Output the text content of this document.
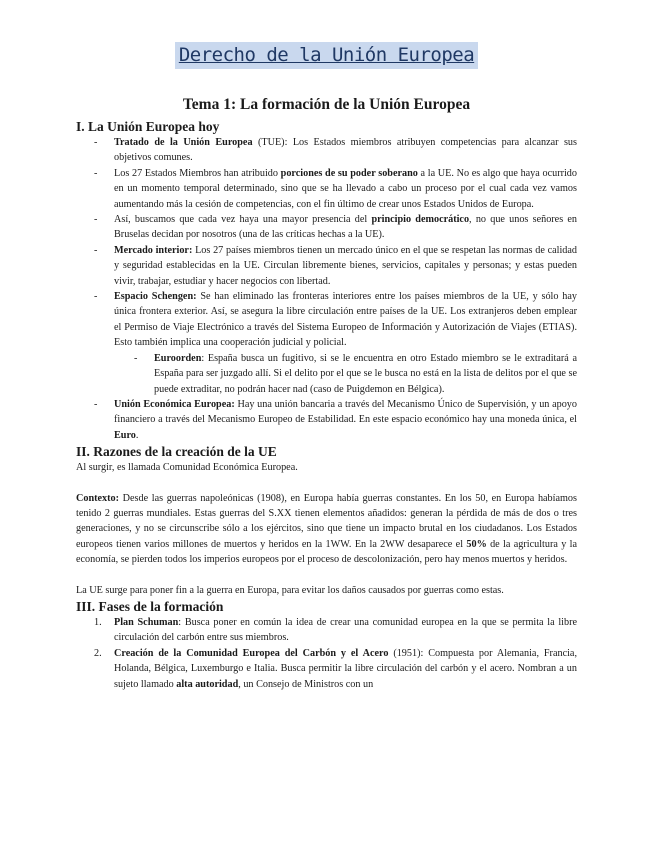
Derecho de la Unión Europea
Tema 1: La formación de la Unión Europea
I. La Unión Europea hoy
- Tratado de la Unión Europea (TUE): Los Estados miembros atribuyen competencias para alcanzar sus objetivos comunes.
- Los 27 Estados Miembros han atribuido porciones de su poder soberano a la UE. No es algo que haya ocurrido en un momento temporal determinado, sino que se ha llevado a cabo un proceso por el cual cada vez vamos aumentando más la cesión de competencias, con el fin último de crear unos Estados Unidos de Europa.
- Así, buscamos que cada vez haya una mayor presencia del principio democrático, no que unos señores en Bruselas decidan por nosotros (una de las críticas hechas a la UE).
- Mercado interior: Los 27 países miembros tienen un mercado único en el que se respetan las normas de calidad y seguridad establecidas en la UE. Circulan libremente bienes, servicios, capitales y personas; y estas pueden vivir, trabajar, estudiar y hacer negocios con libertad.
- Espacio Schengen: Se han eliminado las fronteras interiores entre los países miembros de la UE, y sólo hay única frontera exterior. Así, se asegura la libre circulación entre países de la UE. Los extranjeros deben emplear el Permiso de Viaje Electrónico a través del Sistema Europeo de Información y Autorización de Viajes (ETIAS). Esto también implica una cooperación judicial y policial.
- Euroorden: España busca un fugitivo, si se le encuentra en otro Estado miembro se le extraditará a España para ser juzgado allí. Si el delito por el que se le busca no está en la lista de delitos por el que se puede extraditar, no podrán hacer nad (caso de Puigdemon en Bélgica).
- Unión Económica Europea: Hay una unión bancaria a través del Mecanismo Único de Supervisión, y un apoyo financiero a través del Mecanismo Europeo de Estabilidad. En este espacio económico hay una moneda única, el Euro.
II. Razones de la creación de la UE

Al surgir, es llamada Comunidad Económica Europea.

Contexto: Desde las guerras napoleónicas (1908), en Europa había guerras constantes. En los 50, en Europa habíamos tenido 2 guerras mundiales. Estas guerras del S.XX tienen elementos añadidos: generan la pérdida de más de dos o tres generaciones, y no se circunscribe sólo a los ejércitos, sino que tiene un impacto brutal en los ciudadanos. Los Estados europeos tienen varios millones de muertos y heridos en la 1WW. En la 2WW desaparece el 50% de la agricultura y la economía, se pierden todos los imperios europeos por el proceso de descolonización, pero hay menos muertos y heridos.

La UE surge para poner fin a la guerra en Europa, para evitar los daños causados por guerras como estas.

III. Fases de la formación
1. Plan Schuman: Busca poner en común la idea de crear una comunidad europea en la que se permita la libre circulación del carbón entre sus miembros.
2. Creación de la Comunidad Europea del Carbón y el Acero (1951): Compuesta por Alemania, Francia, Holanda, Bélgica, Luxemburgo e Italia. Busca permitir la libre circulación del carbón y el acero. Nombran a un sujeto llamado alta autoridad, un Consejo de Ministros con un
